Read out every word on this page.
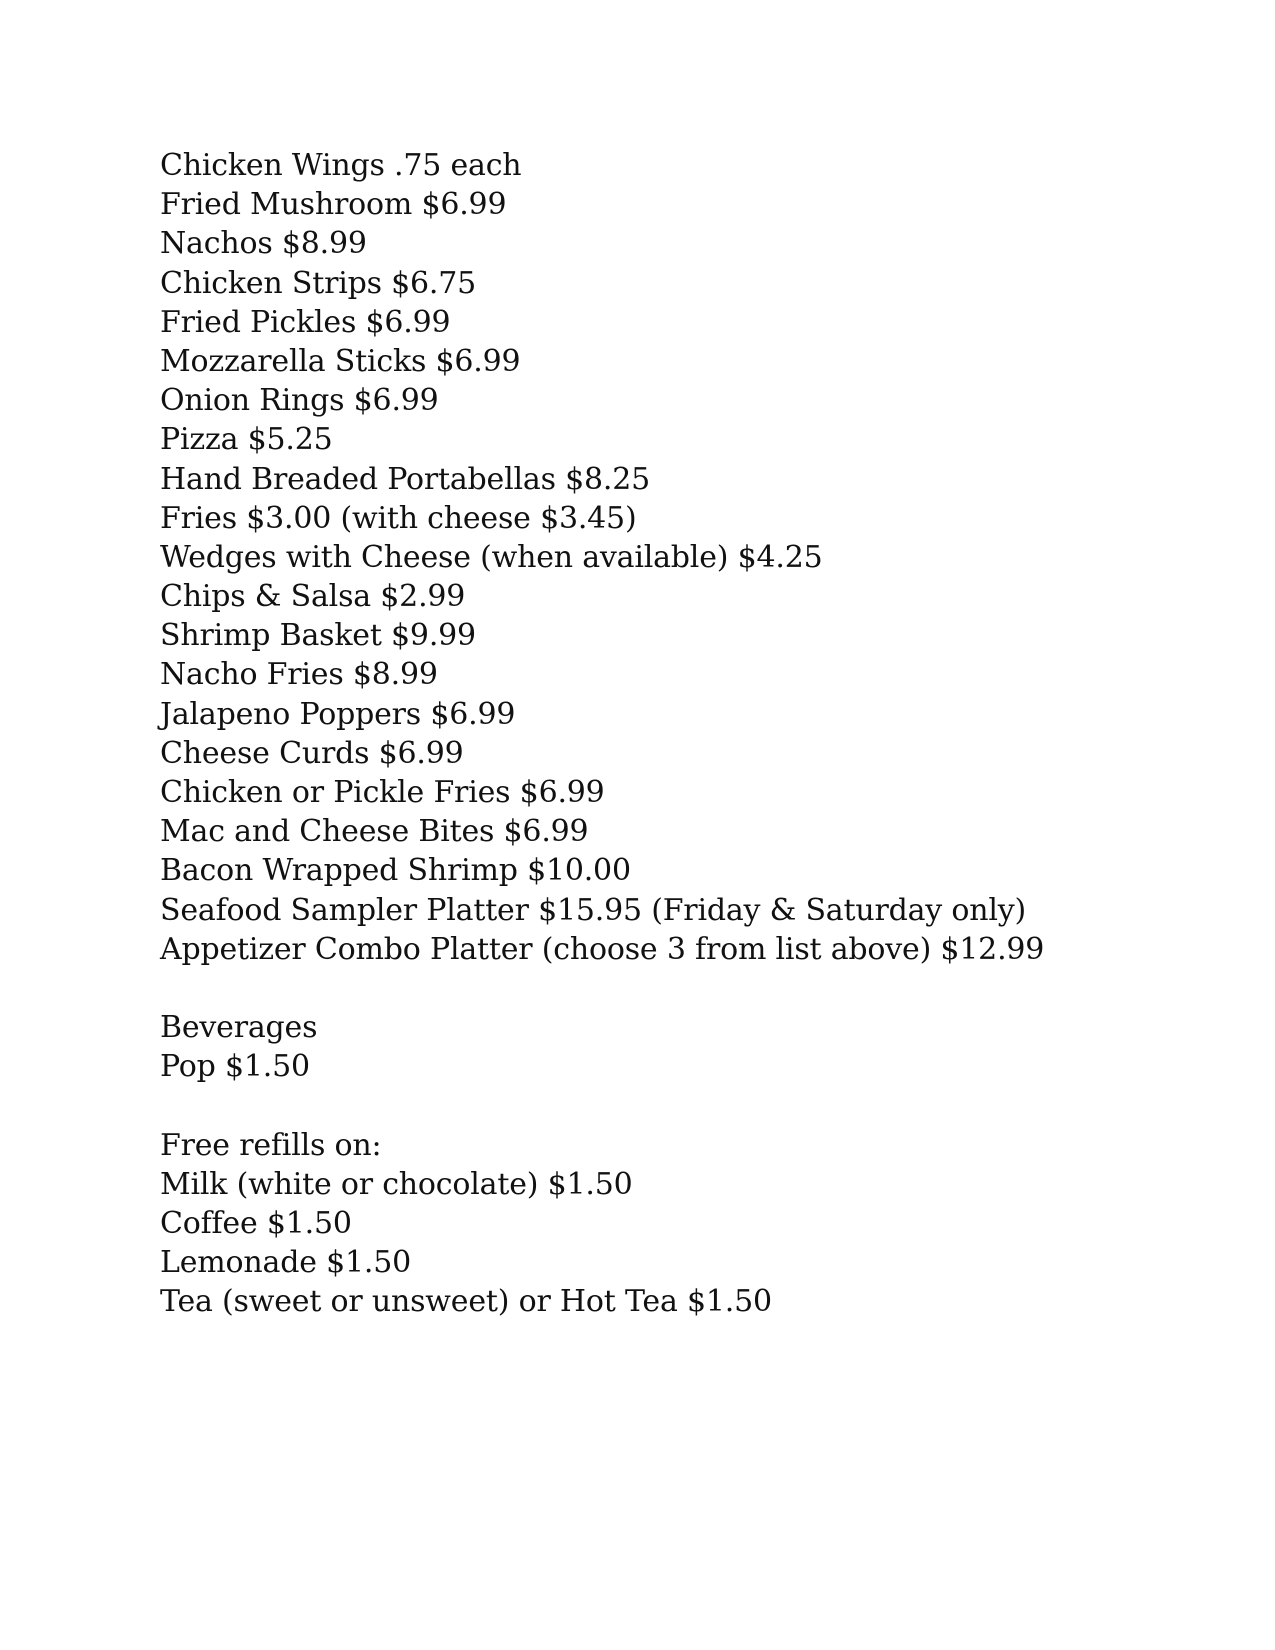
Chicken Wings .75 each

Fried Mushroom $6.99

Nachos $8.99

Chicken Strips $6.75

Fried Pickles $6.99

Mozzarella Sticks $6.99

Onion Rings $6.99

Pizza $5.25

Hand Breaded Portabellas $8.25

Fries $3.00 (with cheese $3.45)

Wedges with Cheese (when available) $4.25

Chips & Salsa $2.99

Shrimp Basket $9.99

Nacho Fries $8.99

Jalapeno Poppers $6.99

Cheese Curds $6.99

Chicken or Pickle Fries $6.99

Mac and Cheese Bites $6.99

Bacon Wrapped Shrimp $10.00

Seafood Sampler Platter $15.95 (Friday & Saturday only)

Appetizer Combo Platter (choose 3 from list above) $12.99

Beverages

Pop $1.50

Free refills on:

Milk (white or chocolate) $1.50

Coffee $1.50

Lemonade $1.50

Tea (sweet or unsweet) or Hot Tea $1.50
